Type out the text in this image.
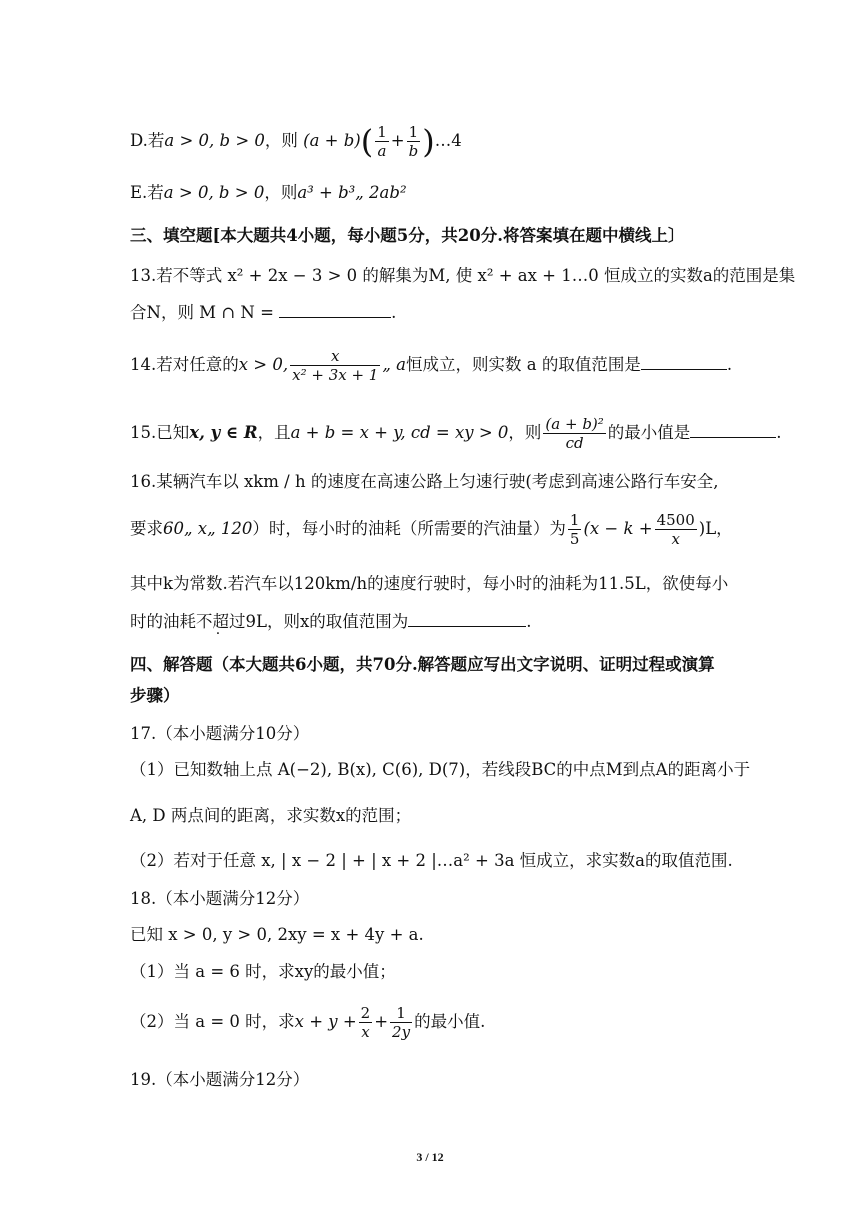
D.若a > 0, b > 0，则 $(a + b)( \frac{1}{a} + \frac{1}{b}$ )…4
E.若a > 0, b > 0，则a³ + b³„ 2ab²
三、填空题[本大题共4小题，每小题5分，共20分.将答案填在题中横线上〕
13.若不等式 x² + 2x − 3 > 0 的解集为M, 使 x² + ax + 1…0 恒成立的实数a的范围是集
合N，则 M ∩ N =	.
14.若对任意的x > 0, $\frac{x}{\text{x² + 3x + 1}}$ „ a恒成立，则实数 a 的取值范围是	.
15.已知x, y ∈ R，且a + b = x + y, cd = xy > 0，则 $\frac{\text{(a + b)²}}{cd}$ 的最小值是	.
16.某辆汽车以 xkm / h 的速度在高速公路上匀速行驶(考虑到高速公路行车安全,
要求60„ x„ 120）时，每小时的油耗（所需要的汽油量）为 $\frac{1}{5} (x - k + \frac{4500}{x} )L$，
其中k为常数.若汽车以120km/h的速度行驶时，每小时的油耗为11.5L，欲使每小
时的油耗不超过9L，则x的取值范围为	.
四、解答题（本大题共6小题，共70分.解答题应写出文字说明、证明过程或演算
步骤）
17.（本小题满分10分）
（1）已知数轴上点 A(−2), B(x), C(6), D(7)，若线段BC的中点M到点A的距离小于
A, D 两点间的距离，求实数x的范围；
（2）若对于任意 x, | x − 2 | + | x + 2 |…a² + 3a 恒成立，求实数a的取值范围.
18.（本小题满分12分）
已知 x > 0, y > 0, 2xy = x + 4y + a.
（1）当 a = 6 时，求xy的最小值；
（2）当 a = 0 时，求$x + y + \frac{2}{x} + \frac{1}{2y}$ 的最小值.
19.（本小题满分12分）
3 / 12
